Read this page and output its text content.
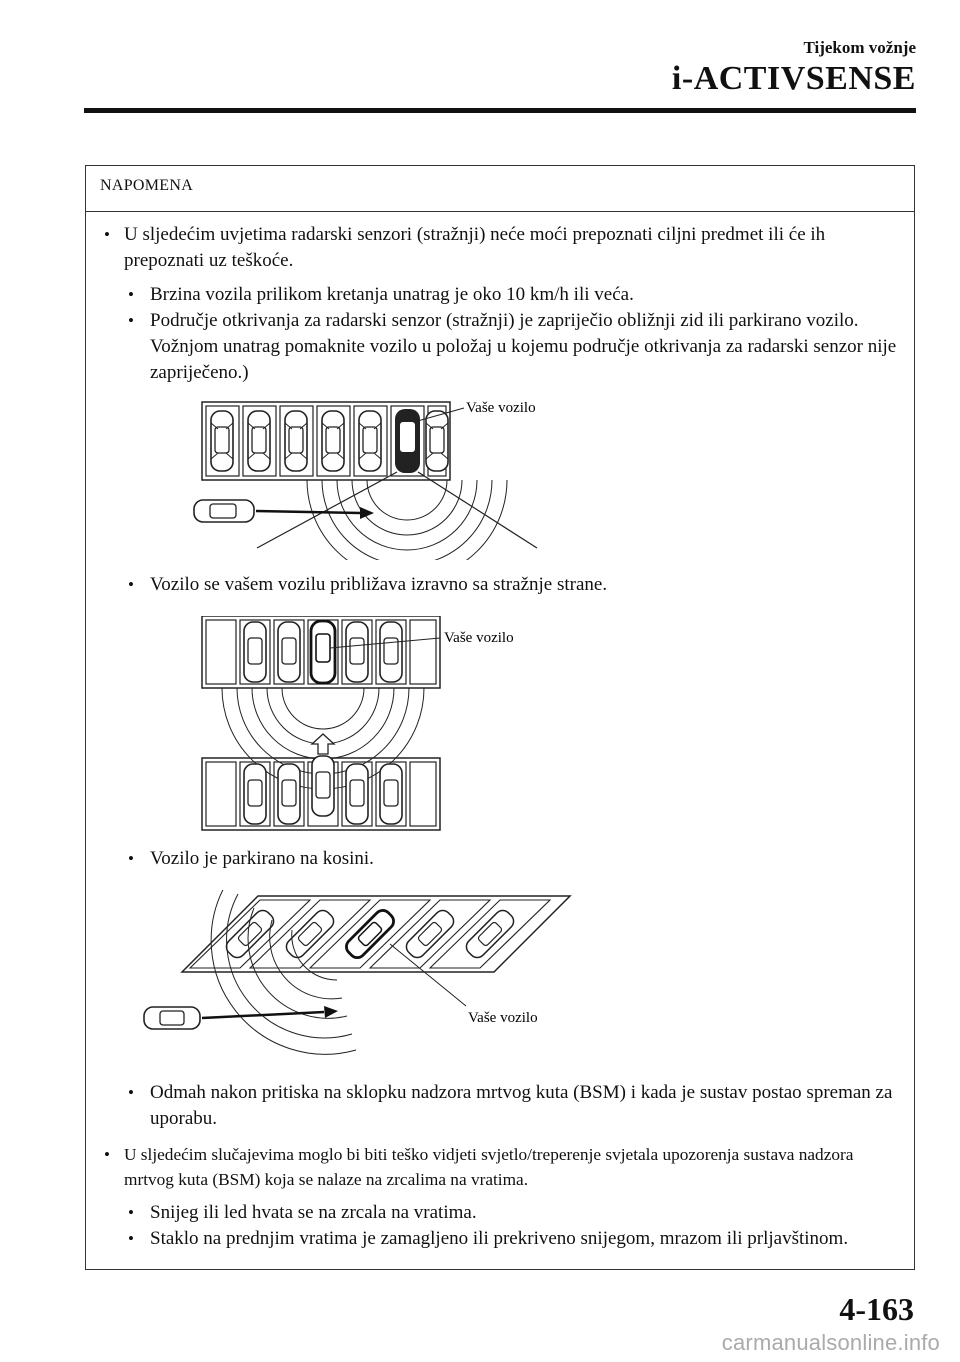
Tijekom vožnje
i-ACTIVSENSE
NAPOMENA
• U sljedećim uvjetima radarski senzori (stražnji) neće moći prepoznati ciljni predmet ili će ih prepoznati uz teškoće.
• Brzina vozila prilikom kretanja unatrag je oko 10 km/h ili veća.
• Područje otkrivanja za radarski senzor (stražnji) je zapriječio obližnji zid ili parkirano vozilo. Vožnjom unatrag pomaknite vozilo u položaj u kojemu područje otkrivanja za radarski senzor nije zapriječeno.)
Vaše vozilo
• Vozilo se vašem vozilu približava izravno sa stražnje strane.
Vaše vozilo
• Vozilo je parkirano na kosini.
Vaše vozilo
• Odmah nakon pritiska na sklopku nadzora mrtvog kuta (BSM) i kada je sustav postao spreman za uporabu.
• U sljedećim slučajevima moglo bi biti teško vidjeti svjetlo/treperenje svjetala upozorenja sustava nadzora mrtvog kuta (BSM) koja se nalaze na zrcalima na vratima.
• Snijeg ili led hvata se na zrcala na vratima.
• Staklo na prednjim vratima je zamagljeno ili prekriveno snijegom, mrazom ili prljavštinom.
4-163
carmanualsonline.info
